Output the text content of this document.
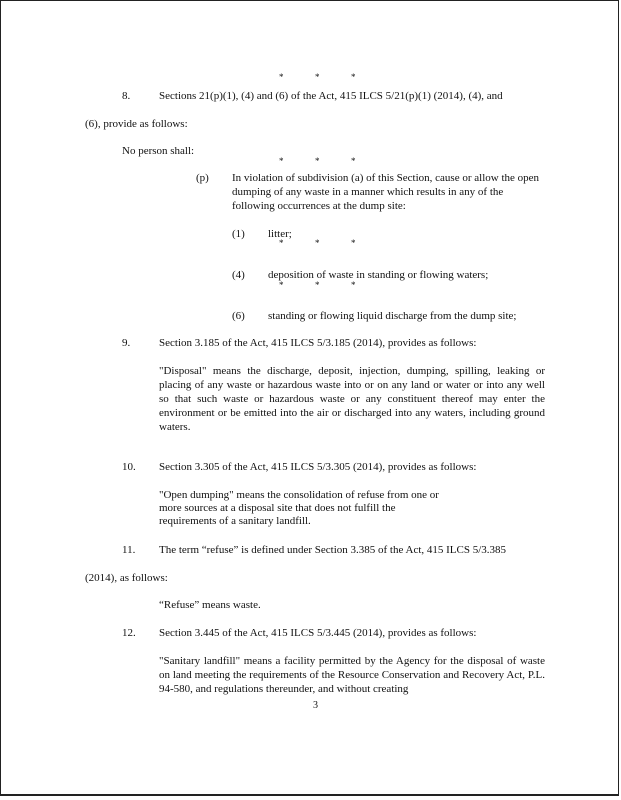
*	*	*
8.	Sections 21(p)(1), (4) and (6) of the Act, 415 ILCS 5/21(p)(1) (2014), (4), and
(6), provide as follows:
No person shall:
*	*	*
(p) In violation of subdivision (a) of this Section, cause or allow the open dumping of any waste in a manner which results in any of the following occurrences at the dump site:
(1) litter;
*	*	*
(4) deposition of waste in standing or flowing waters;
*	*	*
(6) standing or flowing liquid discharge from the dump site;
9.	Section 3.185 of the Act, 415 ILCS 5/3.185 (2014), provides as follows:
"Disposal" means the discharge, deposit, injection, dumping, spilling, leaking or placing of any waste or hazardous waste into or on any land or water or into any well so that such waste or hazardous waste or any constituent thereof may enter the environment or be emitted into the air or discharged into any waters, including ground waters.
10. Section 3.305 of the Act, 415 ILCS 5/3.305 (2014), provides as follows:
"Open dumping" means the consolidation of refuse from one or
more sources at a disposal site that does not fulfill the
requirements of a sanitary landfill.
11. The term “refuse” is defined under Section 3.385 of the Act, 415 ILCS 5/3.385
(2014), as follows:
“Refuse” means waste.
12. Section 3.445 of the Act, 415 ILCS 5/3.445 (2014), provides as follows:
"Sanitary landfill" means a facility permitted by the Agency for the disposal of waste on land meeting the requirements of the Resource Conservation and Recovery Act, P.L. 94-580, and regulations thereunder, and without creating
3
